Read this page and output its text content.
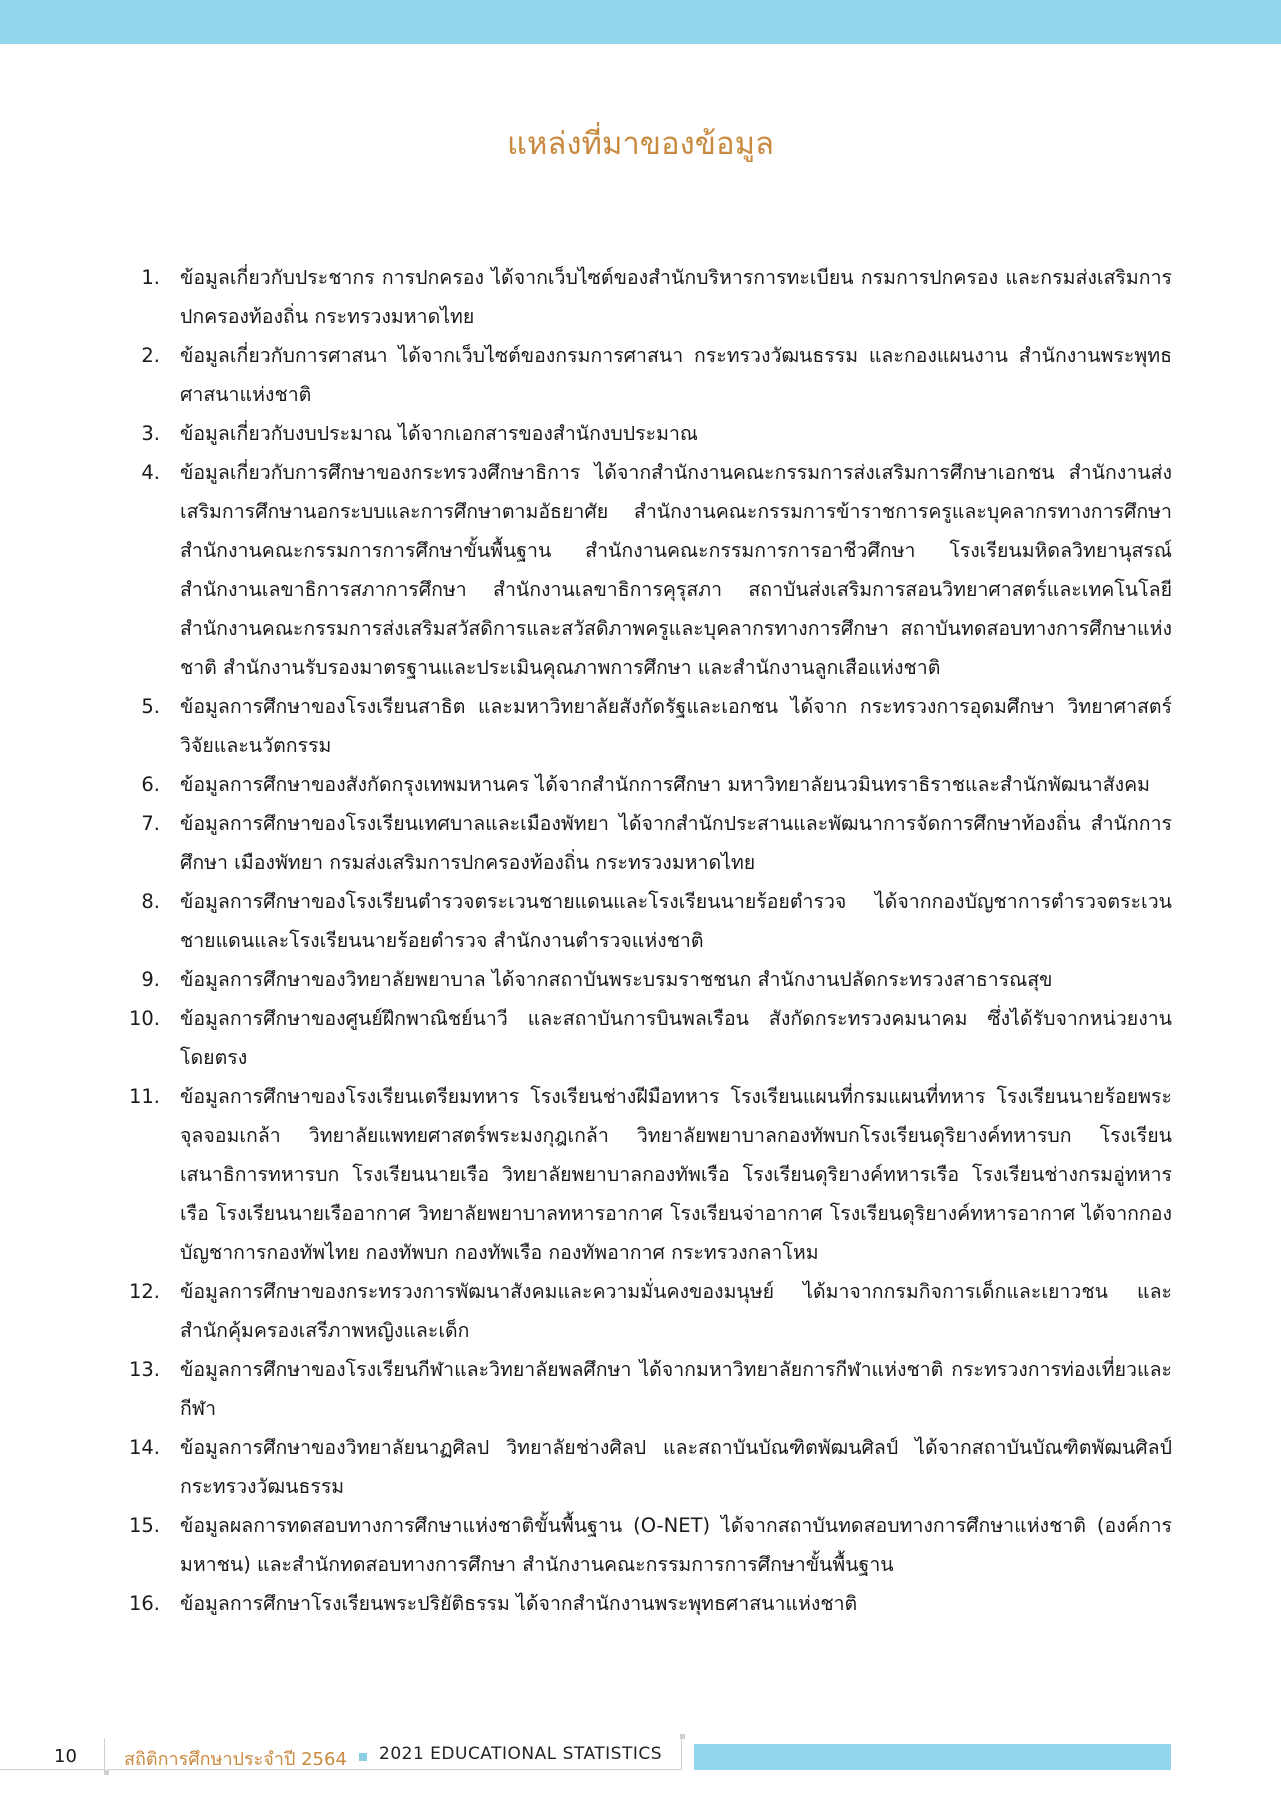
แหล่งที่มาของข้อมูล
1. ข้อมูลเกี่ยวกับประชากร การปกครอง ได้จากเว็บไซต์ของสำนักบริหารการทะเบียน กรมการปกครอง และกรมส่งเสริมการปกครองท้องถิ่น กระทรวงมหาดไทย
2. ข้อมูลเกี่ยวกับการศาสนา ได้จากเว็บไซต์ของกรมการศาสนา กระทรวงวัฒนธรรม และกองแผนงาน สำนักงานพระพุทธศาสนาแห่งชาติ
3. ข้อมูลเกี่ยวกับงบประมาณ ได้จากเอกสารของสำนักงบประมาณ
4. ข้อมูลเกี่ยวกับการศึกษาของกระทรวงศึกษาธิการ ได้จากสำนักงานคณะกรรมการส่งเสริมการศึกษาเอกชน สำนักงานส่งเสริมการศึกษานอกระบบและการศึกษาตามอัธยาศัย สำนักงานคณะกรรมการข้าราชการครูและบุคลากรทางการศึกษา สำนักงานคณะกรรมการการศึกษาขั้นพื้นฐาน สำนักงานคณะกรรมการการอาชีวศึกษา โรงเรียนมหิดลวิทยานุสรณ์ สำนักงานเลขาธิการสภาการศึกษา สำนักงานเลขาธิการคุรุสภา สถาบันส่งเสริมการสอนวิทยาศาสตร์และเทคโนโลยี สำนักงานคณะกรรมการส่งเสริมสวัสดิการและสวัสดิภาพครูและบุคลากรทางการศึกษา สถาบันทดสอบทางการศึกษาแห่งชาติ สำนักงานรับรองมาตรฐานและประเมินคุณภาพการศึกษา และสำนักงานลูกเสือแห่งชาติ
5. ข้อมูลการศึกษาของโรงเรียนสาธิต และมหาวิทยาลัยสังกัดรัฐและเอกชน ได้จาก กระทรวงการอุดมศึกษา วิทยาศาสตร์ วิจัยและนวัตกรรม
6. ข้อมูลการศึกษาของสังกัดกรุงเทพมหานคร ได้จากสำนักการศึกษา มหาวิทยาลัยนวมินทราธิราชและสำนักพัฒนาสังคม
7. ข้อมูลการศึกษาของโรงเรียนเทศบาลและเมืองพัทยา ได้จากสำนักประสานและพัฒนาการจัดการศึกษาท้องถิ่น สำนักการศึกษา เมืองพัทยา กรมส่งเสริมการปกครองท้องถิ่น กระทรวงมหาดไทย
8. ข้อมูลการศึกษาของโรงเรียนตำรวจตระเวนชายแดนและโรงเรียนนายร้อยตำรวจ ได้จากกองบัญชาการตำรวจตระเวนชายแดนและโรงเรียนนายร้อยตำรวจ สำนักงานตำรวจแห่งชาติ
9. ข้อมูลการศึกษาของวิทยาลัยพยาบาล ได้จากสถาบันพระบรมราชชนก สำนักงานปลัดกระทรวงสาธารณสุข
10. ข้อมูลการศึกษาของศูนย์ฝึกพาณิชย์นาวี และสถาบันการบินพลเรือน สังกัดกระทรวงคมนาคม ซึ่งได้รับจากหน่วยงานโดยตรง
11. ข้อมูลการศึกษาของโรงเรียนเตรียมทหาร โรงเรียนช่างฝีมือทหาร โรงเรียนแผนที่กรมแผนที่ทหาร โรงเรียนนายร้อยพระจุลจอมเกล้า วิทยาลัยแพทยศาสตร์พระมงกุฎเกล้า วิทยาลัยพยาบาลกองทัพบกโรงเรียนดุริยางค์ทหารบก โรงเรียนเสนาธิการทหารบก โรงเรียนนายเรือ วิทยาลัยพยาบาลกองทัพเรือ โรงเรียนดุริยางค์ทหารเรือ โรงเรียนช่างกรมอู่ทหารเรือ โรงเรียนนายเรืออากาศ วิทยาลัยพยาบาลทหารอากาศ โรงเรียนจ่าอากาศ โรงเรียนดุริยางค์ทหารอากาศ ได้จากกองบัญชาการกองทัพไทย กองทัพบก กองทัพเรือ กองทัพอากาศ กระทรวงกลาโหม
12. ข้อมูลการศึกษาของกระทรวงการพัฒนาสังคมและความมั่นคงของมนุษย์ ได้มาจากกรมกิจการเด็กและเยาวชน และสำนักคุ้มครองเสรีภาพหญิงและเด็ก
13. ข้อมูลการศึกษาของโรงเรียนกีฬาและวิทยาลัยพลศึกษา ได้จากมหาวิทยาลัยการกีฬาแห่งชาติ กระทรวงการท่องเที่ยวและกีฬา
14. ข้อมูลการศึกษาของวิทยาลัยนาฏศิลป วิทยาลัยช่างศิลป และสถาบันบัณฑิตพัฒนศิลป์ ได้จากสถาบันบัณฑิตพัฒนศิลป์ กระทรวงวัฒนธรรม
15. ข้อมูลผลการทดสอบทางการศึกษาแห่งชาติขั้นพื้นฐาน (O-NET) ได้จากสถาบันทดสอบทางการศึกษาแห่งชาติ (องค์การมหาชน) และสำนักทดสอบทางการศึกษา สำนักงานคณะกรรมการการศึกษาขั้นพื้นฐาน
16. ข้อมูลการศึกษาโรงเรียนพระปริยัติธรรม ได้จากสำนักงานพระพุทธศาสนาแห่งชาติ
10	สถิติการศึกษาประจำปี 2564 2021 EDUCATIONAL STATISTICS
